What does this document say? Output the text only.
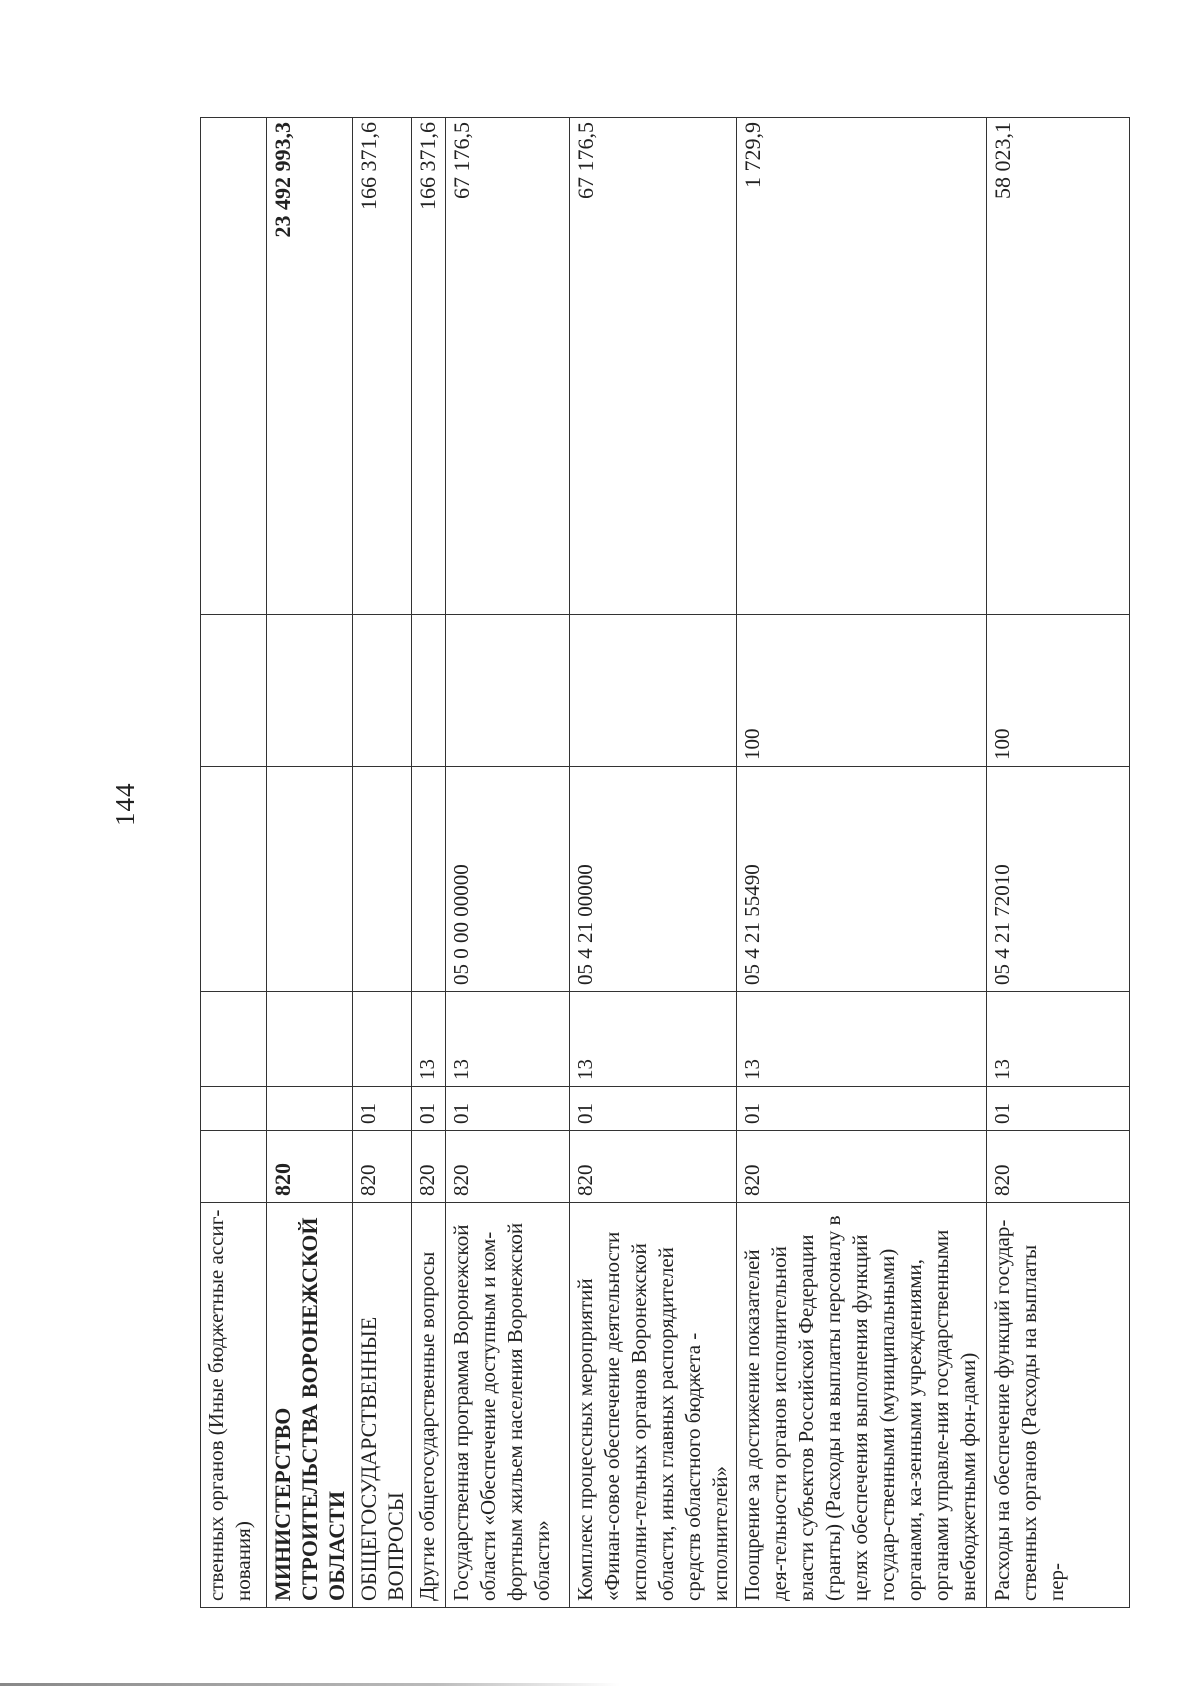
144
ственных органов (Иные бюджетные ассиг-нования)						
МИНИСТЕРСТВО СТРОИТЕЛЬСТВА ВОРОНЕЖСКОЙ ОБЛАСТИ	820					23 492 993,3
ОБЩЕГОСУДАРСТВЕННЫЕ ВОПРОСЫ	820	01				166 371,6
Другие общегосударственные вопросы	820	01	13			166 371,6
Государственная программа Воронежской области «Обеспечение доступным и ком-фортным жильем населения Воронежской области»	820	01	13	05 0 00 00000		67 176,5
Комплекс процессных мероприятий «Финан-совое обеспечение деятельности исполни-тельных органов Воронежской области, иных главных распорядителей средств областного бюджета - исполнителей»	820	01	13	05 4 21 00000		67 176,5
Поощрение за достижение показателей дея-тельности органов исполнительной власти субъектов Российской Федерации (гранты) (Расходы на выплаты персоналу в целях обеспечения выполнения функций государ-ственными (муниципальными) органами, ка-зенными учреждениями, органами управле-ния государственными внебюджетными фон-дами)	820	01	13	05 4 21 55490	100	1 729,9
Расходы на обеспечение функций государ-ственных органов (Расходы на выплаты пер-	820	01	13	05 4 21 72010	100	58 023,1
